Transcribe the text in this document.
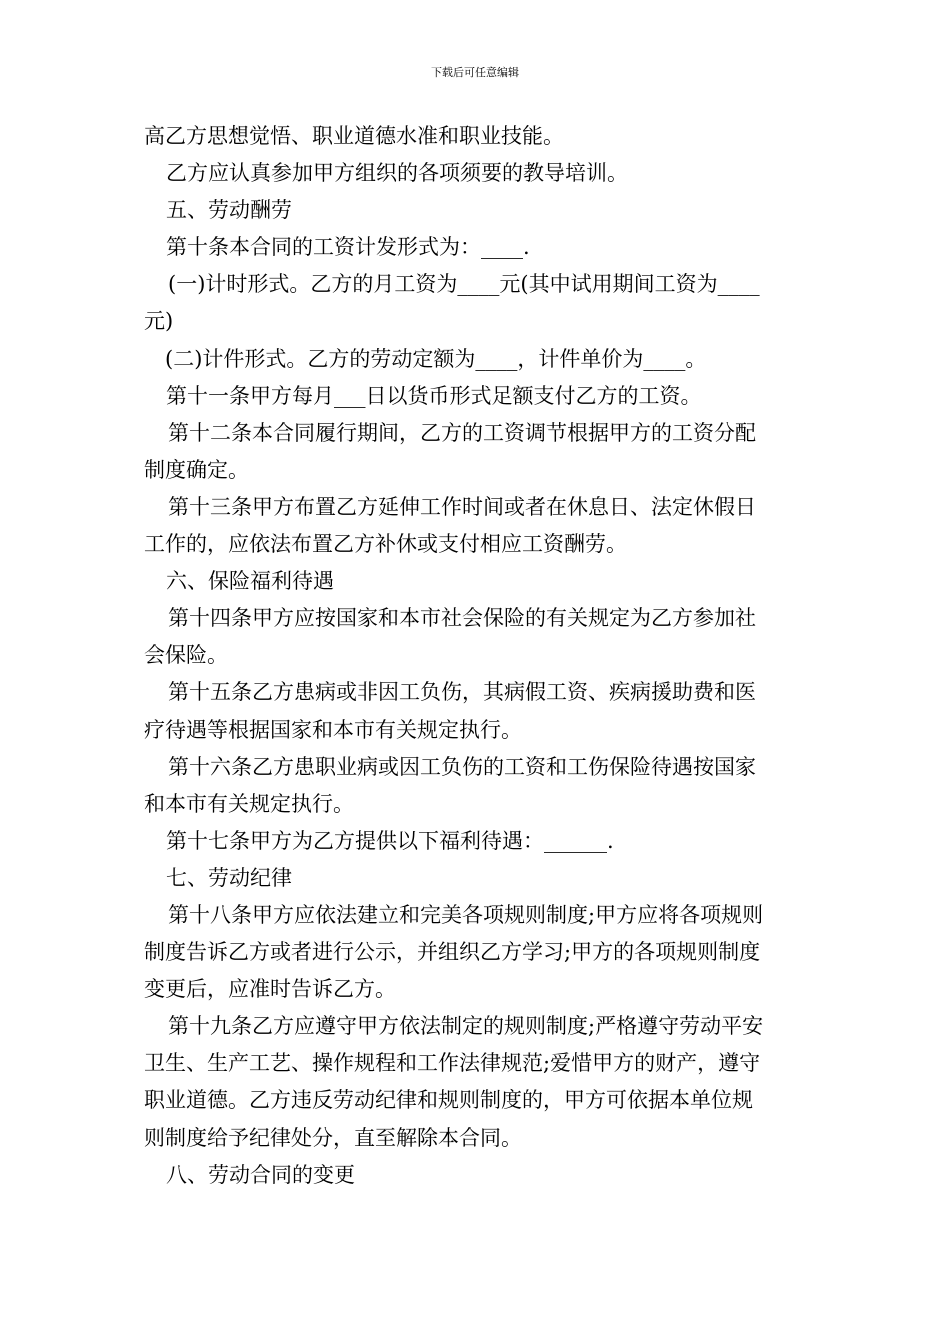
下载后可任意编辑
高乙方思想觉悟、职业道德水准和职业技能。
乙方应认真参加甲方组织的各项须要的教导培训。
五、劳动酬劳
第十条本合同的工资计发形式为：____.
(一)计时形式。乙方的月工资为____元(其中试用期间工资为____
元)
(二)计件形式。乙方的劳动定额为____，计件单价为____。
第十一条甲方每月___日以货币形式足额支付乙方的工资。
第十二条本合同履行期间，乙方的工资调节根据甲方的工资分配
制度确定。
第十三条甲方布置乙方延伸工作时间或者在休息日、法定休假日
工作的，应依法布置乙方补休或支付相应工资酬劳。
六、保险福利待遇
第十四条甲方应按国家和本市社会保险的有关规定为乙方参加社
会保险。
第十五条乙方患病或非因工负伤，其病假工资、疾病援助费和医
疗待遇等根据国家和本市有关规定执行。
第十六条乙方患职业病或因工负伤的工资和工伤保险待遇按国家
和本市有关规定执行。
第十七条甲方为乙方提供以下福利待遇：______.
七、劳动纪律
第十八条甲方应依法建立和完美各项规则制度;甲方应将各项规则
制度告诉乙方或者进行公示，并组织乙方学习;甲方的各项规则制度
变更后，应准时告诉乙方。
第十九条乙方应遵守甲方依法制定的规则制度;严格遵守劳动平安
卫生、生产工艺、操作规程和工作法律规范;爱惜甲方的财产，遵守
职业道德。乙方违反劳动纪律和规则制度的，甲方可依据本单位规
则制度给予纪律处分，直至解除本合同。
八、劳动合同的变更
